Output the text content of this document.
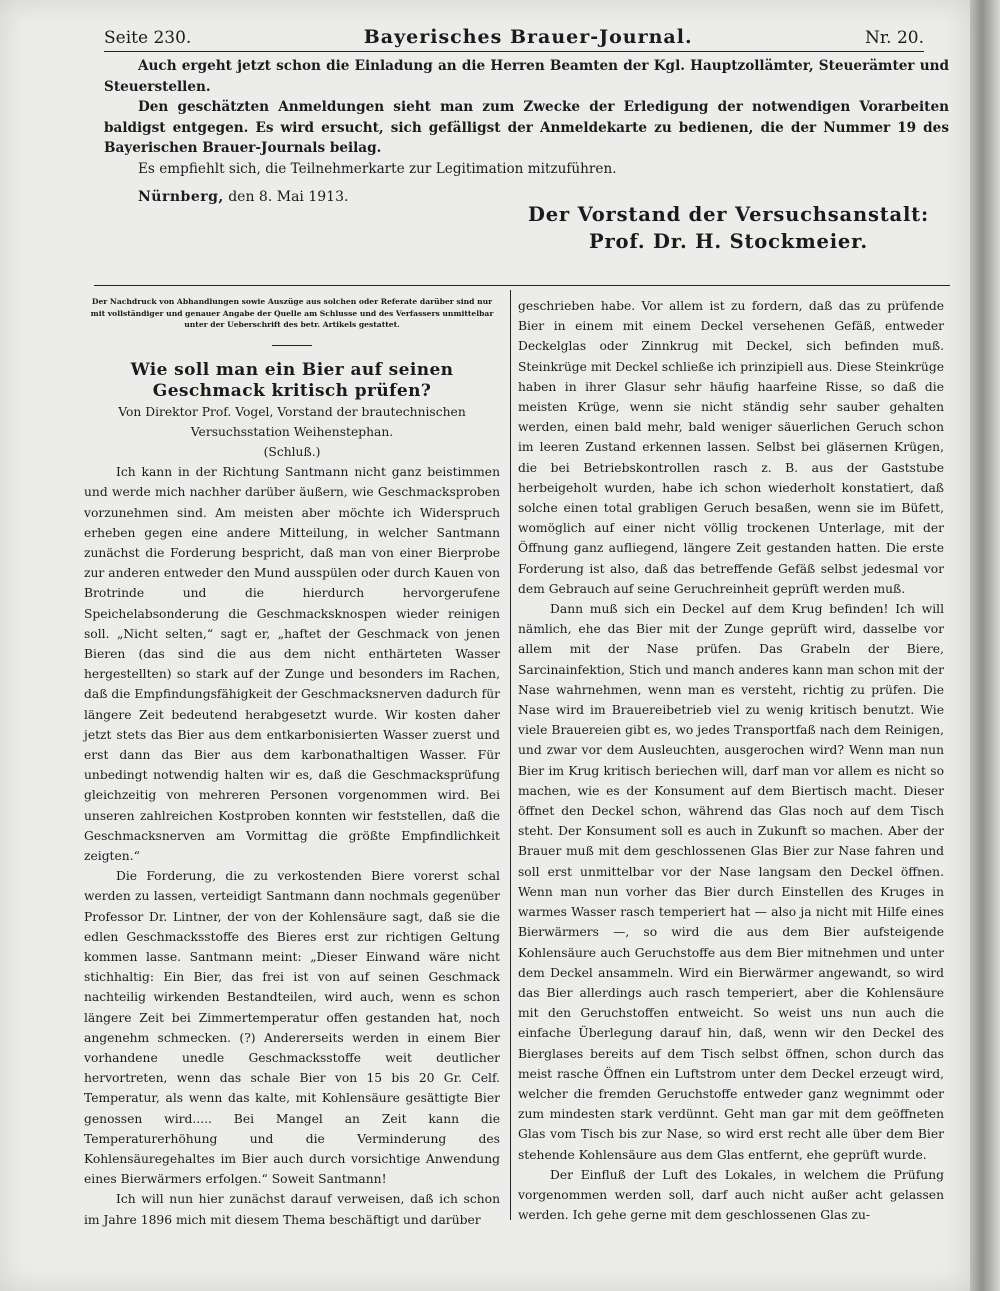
Seite 230.	Bayerisches Brauer-Journal.	Nr. 20.

Auch ergeht jetzt schon die Einladung an die Herren Beamten der Kgl. Hauptzollämter, Steuerämter und Steuerstellen.

Den geschätzten Anmeldungen sieht man zum Zwecke der Erledigung der notwendigen Vorarbeiten baldigst entgegen. Es wird ersucht, sich gefälligst der Anmeldekarte zu bedienen, die der Nummer 19 des Bayerischen Brauer-Journals beilag.

Es empfiehlt sich, die Teilnehmerkarte zur Legitimation mitzuführen.

Nürnberg, den 8. Mai 1913.
Der Vorstand der Versuchsanstalt:
Prof. Dr. H. Stockmeier.

Der Nachdruck von Abhandlungen sowie Auszüge aus solchen oder Referate darüber sind nur mit vollständiger und genauer Angabe der Quelle am Schlusse und des Verfassers unmittelbar unter der Ueberschrift des betr. Artikels gestattet.

Wie soll man ein Bier auf seinen Geschmack kritisch prüfen?

Von Direktor Prof. Vogel, Vorstand der brautechnischen Versuchsstation Weihenstephan.

(Schluß.)

Ich kann in der Richtung Santmann nicht ganz beistimmen und werde mich nachher darüber äußern, wie Geschmacksproben vorzunehmen sind. Am meisten aber möchte ich Widerspruch erheben gegen eine andere Mitteilung, in welcher Santmann zunächst die Forderung bespricht, daß man von einer Bierprobe zur anderen entweder den Mund ausspülen oder durch Kauen von Brotrinde und die hierdurch hervorgerufene Speichelabsonderung die Geschmacksknospen wieder reinigen soll. „Nicht selten,“ sagt er, „haftet der Geschmack von jenen Bieren (das sind die aus dem nicht enthärteten Wasser hergestellten) so stark auf der Zunge und besonders im Rachen, daß die Empfindungsfähigkeit der Geschmacksnerven dadurch für längere Zeit bedeutend herabgesetzt wurde. Wir kosten daher jetzt stets das Bier aus dem entkarbonisierten Wasser zuerst und erst dann das Bier aus dem karbonathaltigen Wasser. Für unbedingt notwendig halten wir es, daß die Geschmacksprüfung gleichzeitig von mehreren Personen vorgenommen wird. Bei unseren zahlreichen Kostproben konnten wir feststellen, daß die Geschmacksnerven am Vormittag die größte Empfindlichkeit zeigten.“

Die Forderung, die zu verkostenden Biere vorerst schal werden zu lassen, verteidigt Santmann dann nochmals gegenüber Professor Dr. Lintner, der von der Kohlensäure sagt, daß sie die edlen Geschmacksstoffe des Bieres erst zur richtigen Geltung kommen lasse. Santmann meint: „Dieser Einwand wäre nicht stichhaltig: Ein Bier, das frei ist von auf seinen Geschmack nachteilig wirkenden Bestandteilen, wird auch, wenn es schon längere Zeit bei Zimmertemperatur offen gestanden hat, noch angenehm schmecken. (?) Andererseits werden in einem Bier vorhandene unedle Geschmacksstoffe weit deutlicher hervortreten, wenn das schale Bier von 15 bis 20 Gr. Celf. Temperatur, als wenn das kalte, mit Kohlensäure gesättigte Bier genossen wird..... Bei Mangel an Zeit kann die Temperaturerhöhung und die Verminderung des Kohlensäuregehaltes im Bier auch durch vorsichtige Anwendung eines Bierwärmers erfolgen.“ Soweit Santmann!

Ich will nun hier zunächst darauf verweisen, daß ich schon im Jahre 1896 mich mit diesem Thema beschäftigt und darüber

geschrieben habe. Vor allem ist zu fordern, daß das zu prüfende Bier in einem mit einem Deckel versehenen Gefäß, entweder Deckelglas oder Zinnkrug mit Deckel, sich befinden muß. Steinkrüge mit Deckel schließe ich prinzipiell aus. Diese Steinkrüge haben in ihrer Glasur sehr häufig haarfeine Risse, so daß die meisten Krüge, wenn sie nicht ständig sehr sauber gehalten werden, einen bald mehr, bald weniger säuerlichen Geruch schon im leeren Zustand erkennen lassen. Selbst bei gläsernen Krügen, die bei Betriebskontrollen rasch z. B. aus der Gaststube herbeigeholt wurden, habe ich schon wiederholt konstatiert, daß solche einen total grabligen Geruch besaßen, wenn sie im Büfett, womöglich auf einer nicht völlig trockenen Unterlage, mit der Öffnung ganz aufliegend, längere Zeit gestanden hatten. Die erste Forderung ist also, daß das betreffende Gefäß selbst jedesmal vor dem Gebrauch auf seine Geruchreinheit geprüft werden muß.

Dann muß sich ein Deckel auf dem Krug befinden! Ich will nämlich, ehe das Bier mit der Zunge geprüft wird, dasselbe vor allem mit der Nase prüfen. Das Grabeln der Biere, Sarcinainfektion, Stich und manch anderes kann man schon mit der Nase wahrnehmen, wenn man es versteht, richtig zu prüfen. Die Nase wird im Brauereibetrieb viel zu wenig kritisch benutzt. Wie viele Brauereien gibt es, wo jedes Transportfaß nach dem Reinigen, und zwar vor dem Ausleuchten, ausgerochen wird? Wenn man nun Bier im Krug kritisch beriechen will, darf man vor allem es nicht so machen, wie es der Konsument auf dem Biertisch macht. Dieser öffnet den Deckel schon, während das Glas noch auf dem Tisch steht. Der Konsument soll es auch in Zukunft so machen. Aber der Brauer muß mit dem geschlossenen Glas Bier zur Nase fahren und soll erst unmittelbar vor der Nase langsam den Deckel öffnen. Wenn man nun vorher das Bier durch Einstellen des Kruges in warmes Wasser rasch temperiert hat — also ja nicht mit Hilfe eines Bierwärmers —, so wird die aus dem Bier aufsteigende Kohlensäure auch Geruchstoffe aus dem Bier mitnehmen und unter dem Deckel ansammeln. Wird ein Bierwärmer angewandt, so wird das Bier allerdings auch rasch temperiert, aber die Kohlensäure mit den Geruchstoffen entweicht. So weist uns nun auch die einfache Überlegung darauf hin, daß, wenn wir den Deckel des Bierglases bereits auf dem Tisch selbst öffnen, schon durch das meist rasche Öffnen ein Luftstrom unter dem Deckel erzeugt wird, welcher die fremden Geruchstoffe entweder ganz wegnimmt oder zum mindesten stark verdünnt. Geht man gar mit dem geöffneten Glas vom Tisch bis zur Nase, so wird erst recht alle über dem Bier stehende Kohlensäure aus dem Glas entfernt, ehe geprüft wurde.

Der Einfluß der Luft des Lokales, in welchem die Prüfung vorgenommen werden soll, darf auch nicht außer acht gelassen werden. Ich gehe gerne mit dem geschlossenen Glas zu-
